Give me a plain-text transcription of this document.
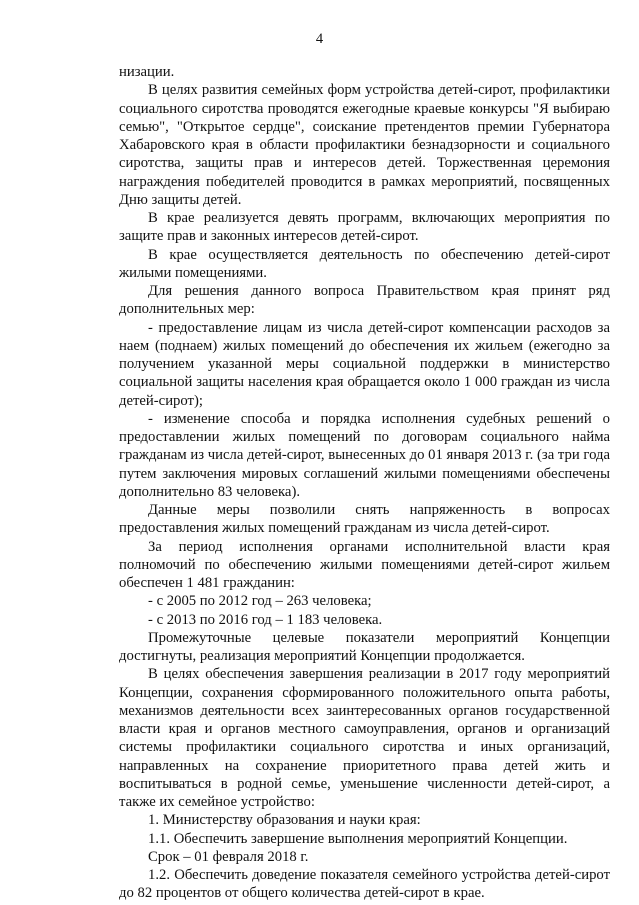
4

низации.

В целях развития семейных форм устройства детей-сирот, профилактики социального сиротства проводятся ежегодные краевые конкурсы "Я выбираю семью", "Открытое сердце", соискание претендентов премии Губернатора Хабаровского края в области профилактики безнадзорности и социального сиротства, защиты прав и интересов детей. Торжественная церемония награждения победителей проводится в рамках мероприятий, посвященных Дню защиты детей.

В крае реализуется девять программ, включающих мероприятия по защите прав и законных интересов детей-сирот.

В крае осуществляется деятельность по обеспечению детей-сирот жилыми помещениями.

Для решения данного вопроса Правительством края принят ряд дополнительных мер:

- предоставление лицам из числа детей-сирот компенсации расходов за наем (поднаем) жилых помещений до обеспечения их жильем (ежегодно за получением указанной меры социальной поддержки в министерство социальной защиты населения края обращается около 1 000 граждан из числа детей-сирот);

- изменение способа и порядка исполнения судебных решений о предоставлении жилых помещений по договорам социального найма гражданам из числа детей-сирот, вынесенных до 01 января 2013 г. (за три года путем заключения мировых соглашений жилыми помещениями обеспечены дополнительно 83 человека).

Данные меры позволили снять напряженность в вопросах предоставления жилых помещений гражданам из числа детей-сирот.

За период исполнения органами исполнительной власти края полномочий по обеспечению жилыми помещениями детей-сирот жильем обеспечен 1 481 гражданин:

- с 2005 по 2012 год – 263 человека;

- с 2013 по 2016 год – 1 183 человека.

Промежуточные целевые показатели мероприятий Концепции достигнуты, реализация мероприятий Концепции продолжается.

В целях обеспечения завершения реализации в 2017 году мероприятий Концепции, сохранения сформированного положительного опыта работы, механизмов деятельности всех заинтересованных органов государственной власти края и органов местного самоуправления, органов и организаций системы профилактики социального сиротства и иных организаций, направленных на сохранение приоритетного права детей жить и воспитываться в родной семье, уменьшение численности детей-сирот, а также их семейное устройство:

1. Министерству образования и науки края:

1.1. Обеспечить завершение выполнения мероприятий Концепции.

Срок – 01 февраля 2018 г.

1.2. Обеспечить доведение показателя семейного устройства детей-сирот до 82 процентов от общего количества детей-сирот в крае.
